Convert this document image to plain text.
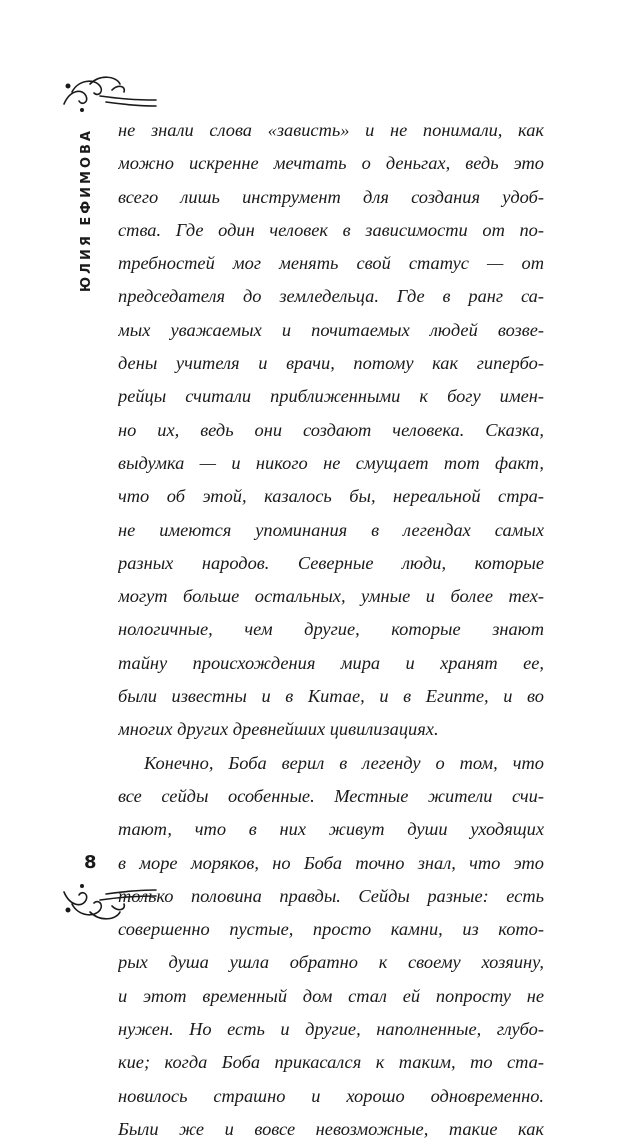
ЮЛИЯ ЕФИМОВА не знали слова «зависть» и не понимали, как
можно искренне мечтать о деньгах, ведь это
всего лишь инструмент для создания удоб-
ства. Где один человек в зависимости от по-
требностей мог менять свой статус — от
председателя до земледельца. Где в ранг са-
мых уважаемых и почитаемых людей возве-
дены учителя и врачи, потому как гипербо-
рейцы считали приближенными к богу имен-
но их, ведь они создают человека. Сказка,
выдумка — и никого не смущает тот факт,
что об этой, казалось бы, нереальной стра-
не имеются упоминания в легендах самых
разных народов. Северные люди, которые
могут больше остальных, умные и более тех-
нологичные, чем другие, которые знают
тайну происхождения мира и хранят ее,
были известны и в Китае, и в Египте, и во
многих других древнейших цивилизациях.
Конечно, Боба верил в легенду о том, что
все сейды особенные. Местные жители счи-
тают, что в них живут души уходящих
в море моряков, но Боба точно знал, что это
только половина правды. Сейды разные: есть
совершенно пустые, просто камни, из кото-
рых душа ушла обратно к своему хозяину,
и этот временный дом стал ей попросту не
нужен. Но есть и другие, наполненные, глубо-
кие; когда Боба прикасался к таким, то ста-
новилось страшно и хорошо одновременно.
Были же и вовсе невозможные, такие как
8
